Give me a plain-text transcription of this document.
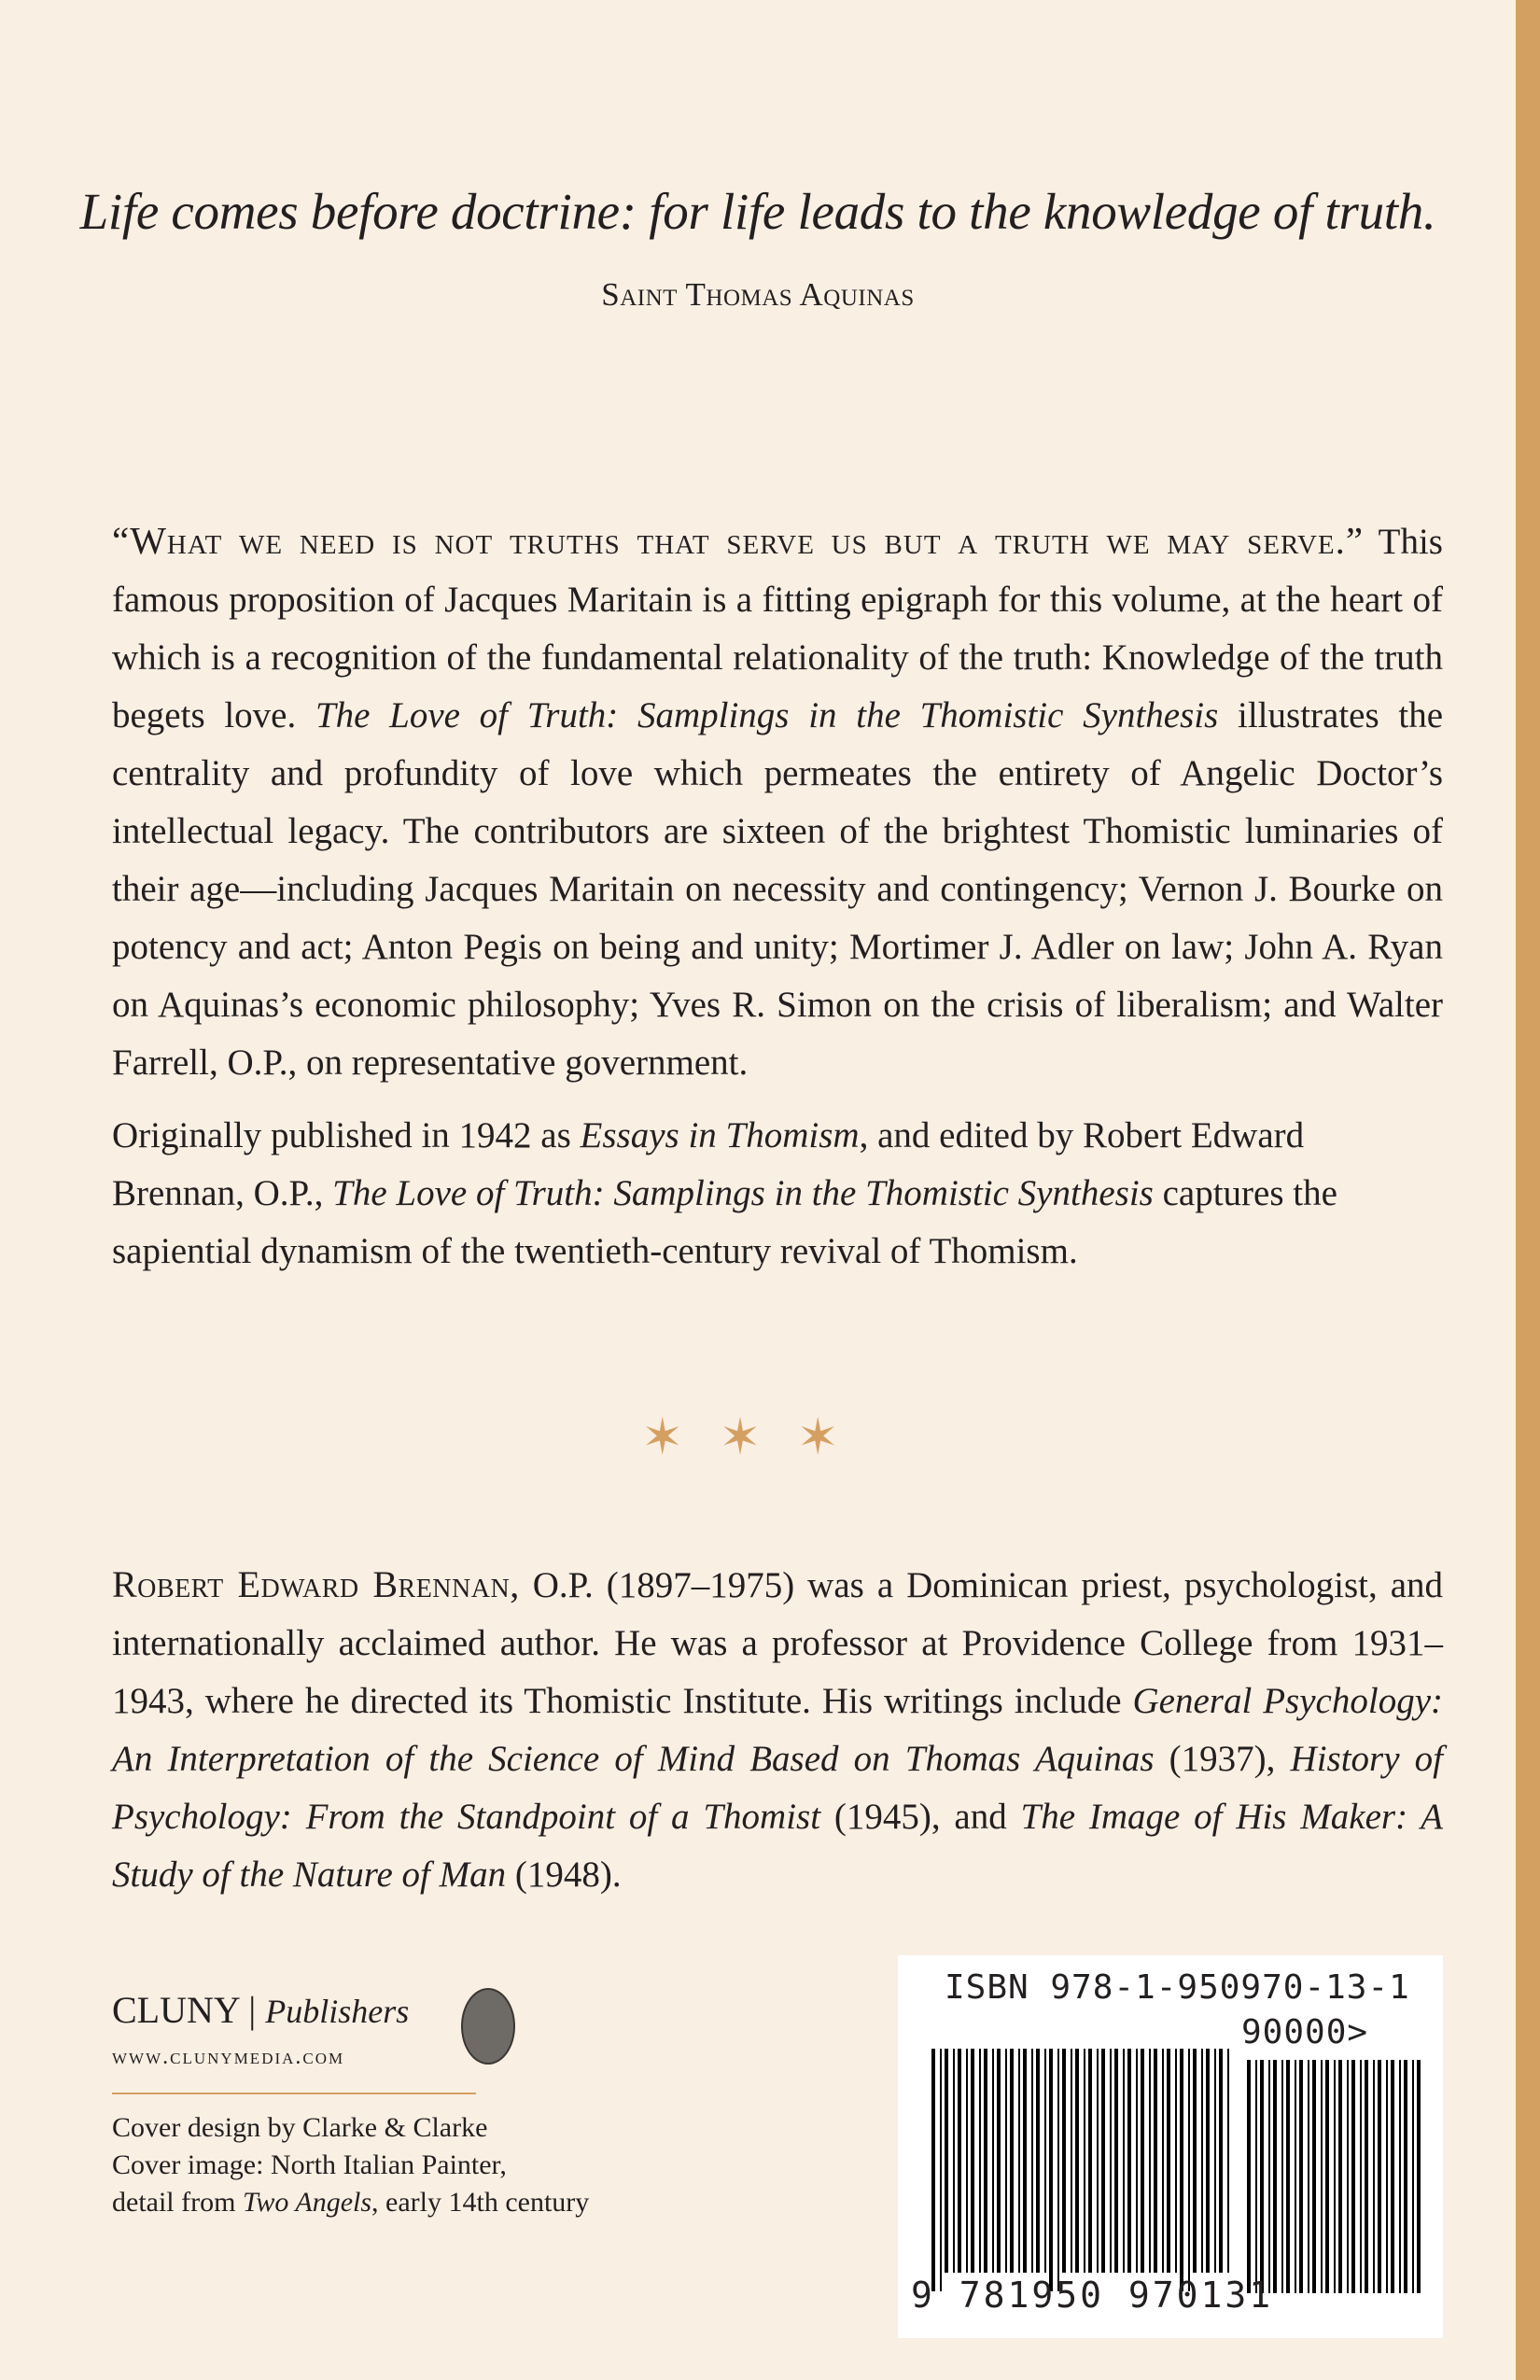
Life comes before doctrine: for life leads to the knowledge of truth.

Saint Thomas Aquinas

“What we need is not truths that serve us but a truth we may serve.” This famous proposition of Jacques Maritain is a fitting epigraph for this volume, at the heart of which is a recognition of the fundamental relationality of the truth: Knowledge of the truth begets love. The Love of Truth: Samplings in the Thomistic Synthesis illustrates the centrality and profundity of love which permeates the entirety of Angelic Doctor’s intellectual legacy. The contributors are sixteen of the brightest Thomistic luminaries of their age—including Jacques Maritain on necessity and contingency; Vernon J. Bourke on potency and act; Anton Pegis on being and unity; Mortimer J. Adler on law; John A. Ryan on Aquinas’s economic philosophy; Yves R. Simon on the crisis of liberalism; and Walter Farrell, O.P., on representative government.

Originally published in 1942 as Essays in Thomism, and edited by Robert Edward Brennan, O.P., The Love of Truth: Samplings in the Thomistic Synthesis captures the sapiential dynamism of the twentieth-century revival of Thomism.

✶✶✶

Robert Edward Brennan, O.P. (1897–1975) was a Dominican priest, psychologist, and internationally acclaimed author. He was a professor at Providence College from 1931–1943, where he directed its Thomistic Institute. His writings include General Psychology: An Interpretation of the Science of Mind Based on Thomas Aquinas (1937), History of Psychology: From the Standpoint of a Thomist (1945), and The Image of His Maker: A Study of the Nature of Man (1948).

CLUNY | Publishers
www.clunymedia.com
Cover design by Clarke & Clarke
Cover image: North Italian Painter,
detail from Two Angels, early 14th century
ISBN 978-1-950970-13-1
90000>
9 781950 970131
